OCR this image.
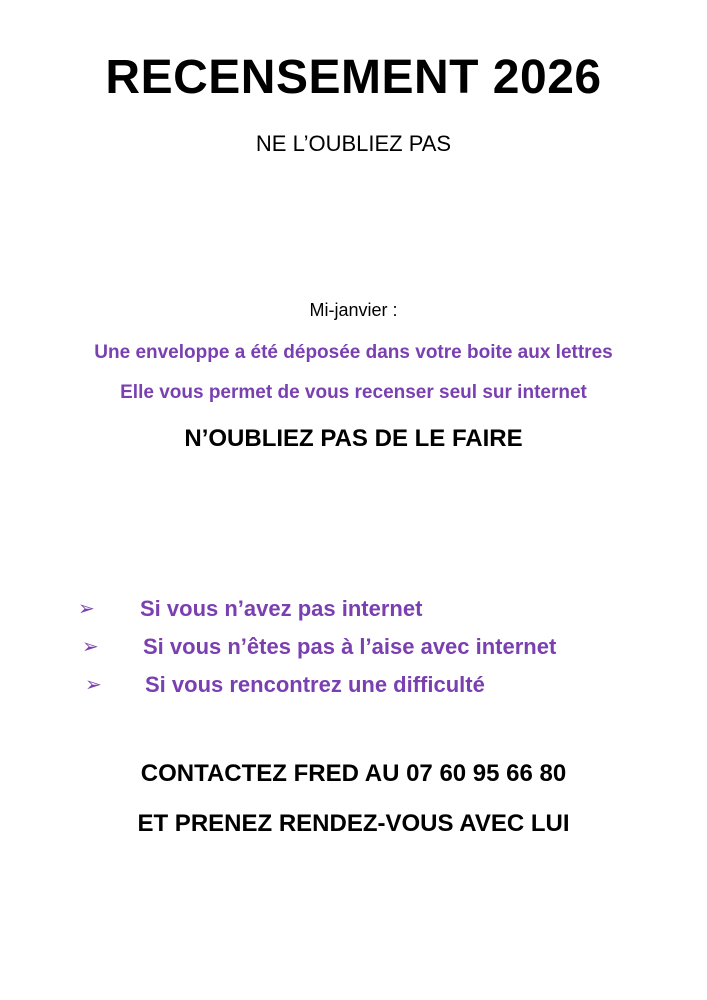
RECENSEMENT 2026
NE L’OUBLIEZ PAS
Mi-janvier :
Une enveloppe a été déposée dans votre boite aux lettres
Elle vous permet de vous recenser seul sur internet
N’OUBLIEZ PAS DE LE FAIRE
➢ Si vous n’avez pas internet
➢ Si vous n’êtes pas à l’aise avec internet
➢ Si vous rencontrez une difficulté
CONTACTEZ FRED AU 07 60 95 66 80
ET PRENEZ RENDEZ-VOUS AVEC LUI
